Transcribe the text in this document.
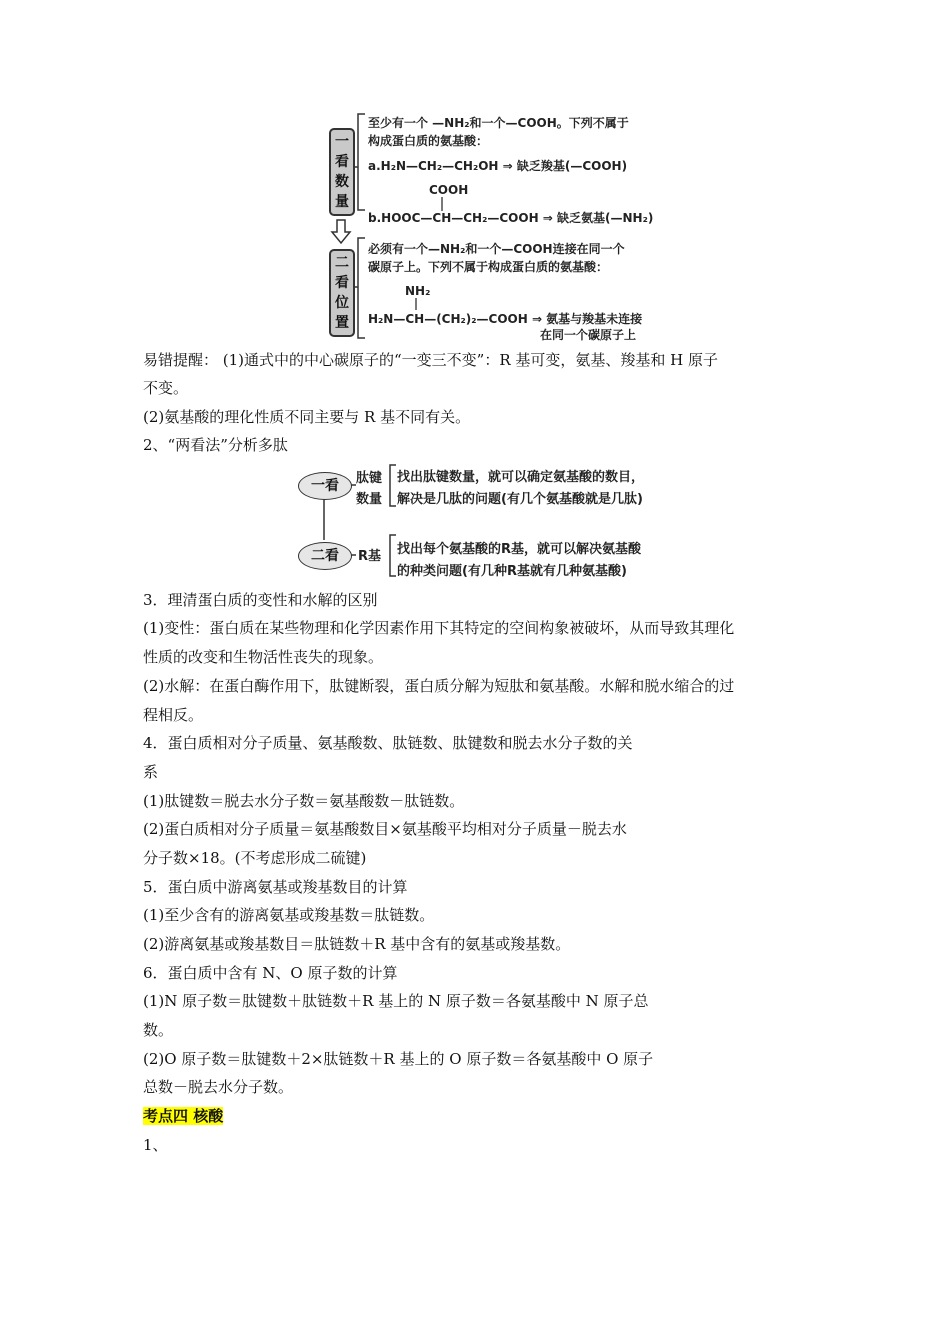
一
看
数
量
二
看
位
置
至少有一个 —NH₂和一个—COOH。下列不属于
构成蛋白质的氨基酸：
a.H₂N—CH₂—CH₂OH ⇒ 缺乏羧基(—COOH)
COOH
b.HOOC—CH—CH₂—COOH ⇒ 缺乏氨基(—NH₂)
必须有一个—NH₂和一个—COOH连接在同一个
碳原子上。下列不属于构成蛋白质的氨基酸：
NH₂
H₂N—CH—(CH₂)₂—COOH ⇒ 氨基与羧基未连接
在同一个碳原子上
易错提醒： (1)通式中的中心碳原子的“一变三不变”：R 基可变，氨基、羧基和 H 原子
不变。
(2)氨基酸的理化性质不同主要与 R 基不同有关。
2、“两看法”分析多肽
一看	肽键
数量
找出肽键数量，就可以确定氨基酸的数目，
解决是几肽的问题(有几个氨基酸就是几肽)
二看	R基 找出每个氨基酸的R基，就可以解决氨基酸
的种类问题(有几种R基就有几种氨基酸)
3．理清蛋白质的变性和水解的区别
(1)变性：蛋白质在某些物理和化学因素作用下其特定的空间构象被破坏，从而导致其理化
性质的改变和生物活性丧失的现象。
(2)水解：在蛋白酶作用下，肽键断裂，蛋白质分解为短肽和氨基酸。水解和脱水缩合的过
程相反。
4．蛋白质相对分子质量、氨基酸数、肽链数、肽键数和脱去水分子数的关
系
(1)肽键数＝脱去水分子数＝氨基酸数－肽链数。
(2)蛋白质相对分子质量＝氨基酸数目×氨基酸平均相对分子质量－脱去水
分子数×18。(不考虑形成二硫键)
5．蛋白质中游离氨基或羧基数目的计算
(1)至少含有的游离氨基或羧基数＝肽链数。
(2)游离氨基或羧基数目＝肽链数＋R 基中含有的氨基或羧基数。
6．蛋白质中含有 N、O 原子数的计算
(1)N 原子数＝肽键数＋肽链数＋R 基上的 N 原子数＝各氨基酸中 N 原子总
数。
(2)O 原子数＝肽键数＋2×肽链数＋R 基上的 O 原子数＝各氨基酸中 O 原子
总数－脱去水分子数。
考点四 核酸
1、
